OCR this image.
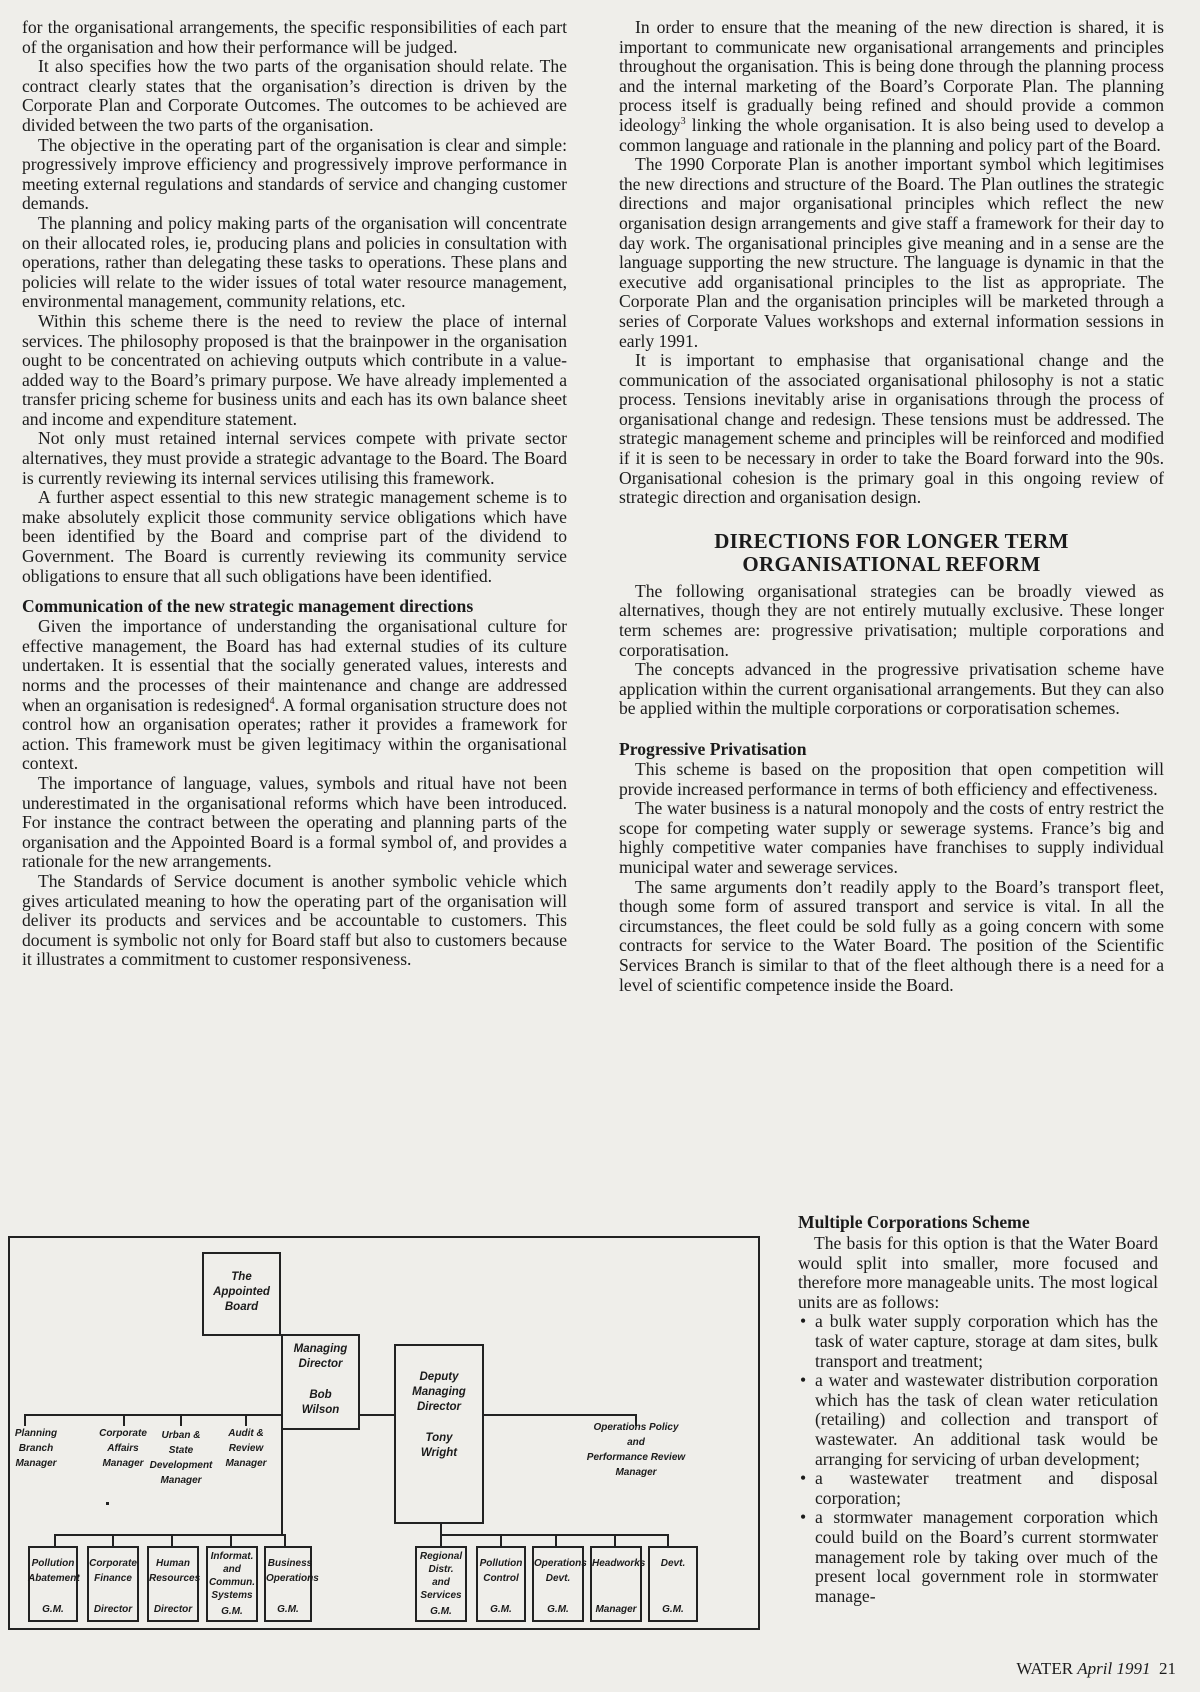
for the organisational arrangements, the specific responsibilities of each part of the organisation and how their performance will be judged.

It also specifies how the two parts of the organisation should relate. The contract clearly states that the organisation’s direction is driven by the Corporate Plan and Corporate Outcomes. The outcomes to be achieved are divided between the two parts of the organisation.

The objective in the operating part of the organisation is clear and simple: progressively improve efficiency and progressively improve performance in meeting external regulations and standards of service and changing customer demands.

The planning and policy making parts of the organisation will concentrate on their allocated roles, ie, producing plans and policies in consultation with operations, rather than delegating these tasks to operations. These plans and policies will relate to the wider issues of total water resource management, environmental management, community relations, etc.

Within this scheme there is the need to review the place of internal services. The philosophy proposed is that the brainpower in the organisation ought to be concentrated on achieving outputs which contribute in a value-added way to the Board’s primary purpose. We have already implemented a transfer pricing scheme for business units and each has its own balance sheet and income and expenditure statement.

Not only must retained internal services compete with private sector alternatives, they must provide a strategic advantage to the Board. The Board is currently reviewing its internal services utilising this framework.

A further aspect essential to this new strategic management scheme is to make absolutely explicit those community service obligations which have been identified by the Board and comprise part of the dividend to Government. The Board is currently reviewing its community service obligations to ensure that all such obligations have been identified.

Communication of the new strategic management directions

Given the importance of understanding the organisational culture for effective management, the Board has had external studies of its culture undertaken. It is essential that the socially generated values, interests and norms and the processes of their maintenance and change are addressed when an organisation is redesigned$^4$. A formal organisation structure does not control how an organisation operates; rather it provides a framework for action. This framework must be given legitimacy within the organisational context.

The importance of language, values, symbols and ritual have not been underestimated in the organisational reforms which have been introduced. For instance the contract between the operating and planning parts of the organisation and the Appointed Board is a formal symbol of, and provides a rationale for the new arrangements.

The Standards of Service document is another symbolic vehicle which gives articulated meaning to how the operating part of the organisation will deliver its products and services and be accountable to customers. This document is symbolic not only for Board staff but also to customers because it illustrates a commitment to customer responsiveness.

In order to ensure that the meaning of the new direction is shared, it is important to communicate new organisational arrangements and principles throughout the organisation. This is being done through the planning process and the internal marketing of the Board’s Corporate Plan. The planning process itself is gradually being refined and should provide a common ideology$^3$ linking the whole organisation. It is also being used to develop a common language and rationale in the planning and policy part of the Board.

The 1990 Corporate Plan is another important symbol which legitimises the new directions and structure of the Board. The Plan outlines the strategic directions and major organisational principles which reflect the new organisation design arrangements and give staff a framework for their day to day work. The organisational principles give meaning and in a sense are the language supporting the new structure. The language is dynamic in that the executive add organisational principles to the list as appropriate. The Corporate Plan and the organisation principles will be marketed through a series of Corporate Values workshops and external information sessions in early 1991.

It is important to emphasise that organisational change and the communication of the associated organisational philosophy is not a static process. Tensions inevitably arise in organisations through the process of organisational change and redesign. These tensions must be addressed. The strategic management scheme and principles will be reinforced and modified if it is seen to be necessary in order to take the Board forward into the 90s. Organisational cohesion is the primary goal in this ongoing review of strategic direction and organisation design.

DIRECTIONS FOR LONGER TERM
ORGANISATIONAL REFORM

The following organisational strategies can be broadly viewed as alternatives, though they are not entirely mutually exclusive. These longer term schemes are: progressive privatisation; multiple corporations and corporatisation.

The concepts advanced in the progressive privatisation scheme have application within the current organisational arrangements. But they can also be applied within the multiple corporations or corporatisation schemes.

Progressive Privatisation

This scheme is based on the proposition that open competition will provide increased performance in terms of both efficiency and effectiveness.

The water business is a natural monopoly and the costs of entry restrict the scope for competing water supply or sewerage systems. France’s big and highly competitive water companies have franchises to supply individual municipal water and sewerage services.

The same arguments don’t readily apply to the Board’s transport fleet, though some form of assured transport and service is vital. In all the circumstances, the fleet could be sold fully as a going concern with some contracts for service to the Water Board. The position of the Scientific Services Branch is similar to that of the fleet although there is a need for a level of scientific competence inside the Board.

Multiple Corporations Scheme

The basis for this option is that the Water Board would split into smaller, more focused and therefore more manageable units. The most logical units are as follows:

• a bulk water supply corporation which has the task of water capture, storage at dam sites, bulk transport and treatment;
• a water and wastewater distribution corporation which has the task of clean water reticulation (retailing) and collection and transport of wastewater. An additional task would be arranging for servicing of urban development;
• a wastewater treatment and disposal corporation;
• a stormwater management corporation which could build on the Board’s current stormwater management role by taking over much of the present local government role in stormwater manage-
The
Appointed
Board
Managing
Director

Bob
Wilson
Deputy
Managing
Director

Tony
Wright
Planning
Branch
Manager
Corporate
Affairs
Manager
Urban &
State
Development
Manager
Audit &
Review
Manager
Operations Policy
and
Performance Review
Manager
Pollution
Abatement
G.M.
Corporate
Finance
Director
Human
Resources
Director
Informat.
and
Commun.
Systems
G.M.
Business
Operations
G.M.
Regional
Distr.
and
Services
G.M.
Pollution
Control
G.M.
Operations
Devt.
G.M.
Headworks
Manager
Devt.
G.M.
WATER April 1991 21
